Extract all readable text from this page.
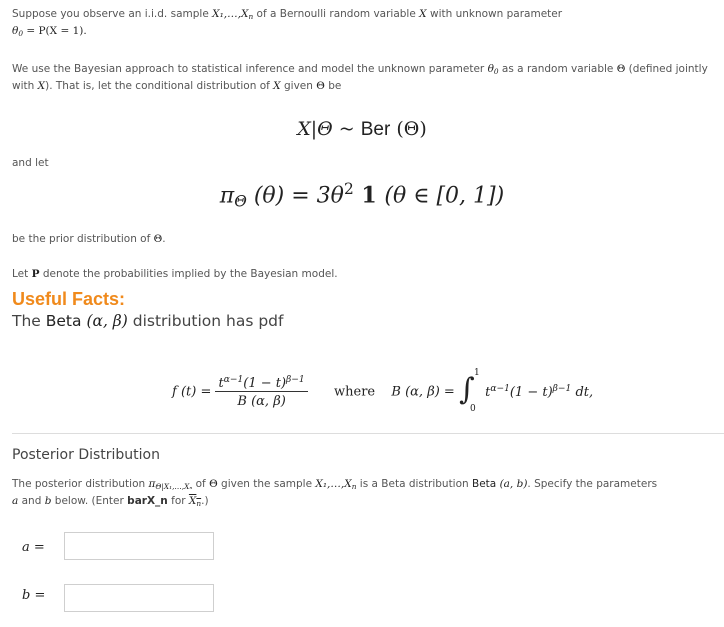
Suppose you observe an i.i.d. sample $X_1,\dots,X_n$ of a Bernoulli random variable X with unknown parameter
$\theta_0 = P(X = 1)$.
We use the Bayesian approach to statistical inference and model the unknown parameter $\theta_0$ as a random variable Θ (defined jointly with X). That is, let the conditional distribution of X given Θ be
X|Θ ~ Ber (Θ)
and let
$\pi_\Theta$ $(\theta) = 3\theta^2$ 1 (θ ∈ [0, 1])
be the prior distribution of Θ.
Let P denote the probabilities implied by the Bayesian model.
Useful Facts:
The Beta (α, β) distribution has pdf
f $(t) = \frac{t^{\alpha-1}(1 - t)^{\beta-1}}{B (\alpha, \beta)}$ where B (α, β) = ∫ 1
0
$t^{\alpha-1}(1 - t)^{\beta-1}$ dt,
Posterior Distribution
The posterior distribution $\pi_{\Theta|X_1,\dots,X_n}$ of Θ given the sample $X_1,\dots,X_n$ is a Beta distribution Beta (a, b). Specify the parameters
a and b below. (Enter barX_n for $X_n$.)
a =
b =
